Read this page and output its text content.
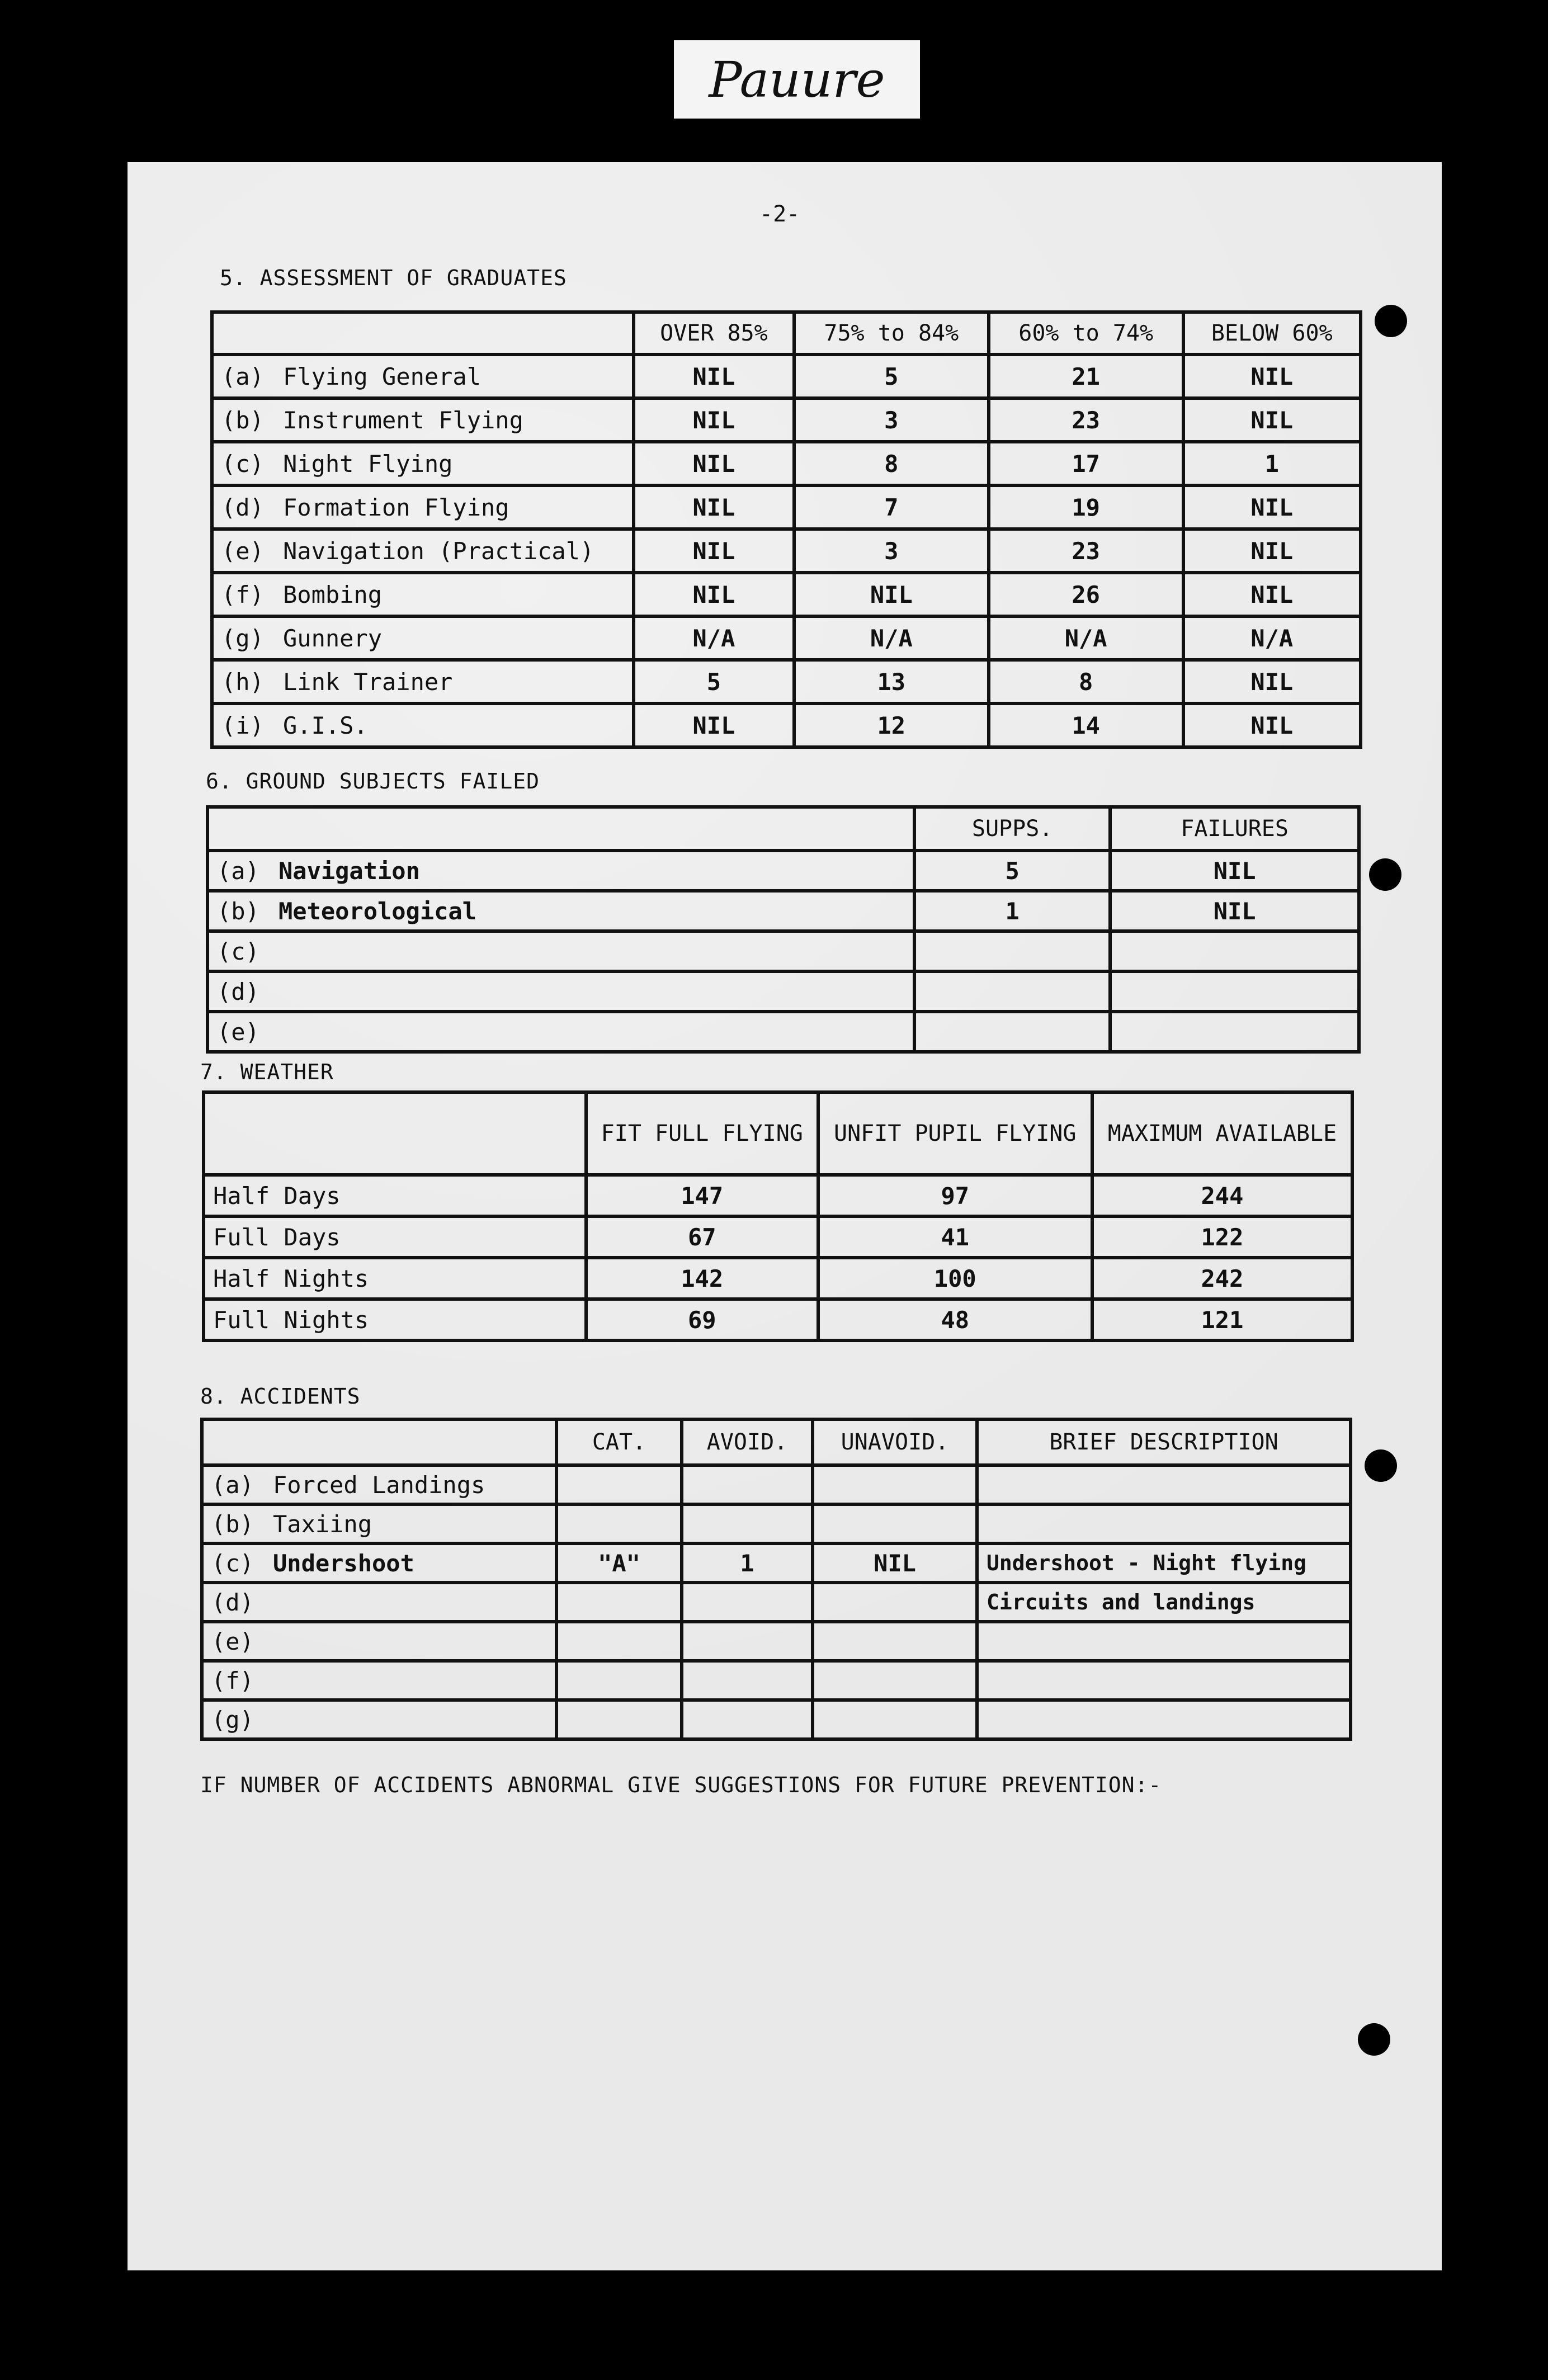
Pauure
-2-
5. ASSESSMENT OF GRADUATES
	OVER 85%	75% to 84%	60% to 74%	BELOW 60%
(a) Flying General	NIL	5	21	NIL
(b) Instrument Flying	NIL	3	23	NIL
(c) Night Flying	NIL	8	17	1
(d) Formation Flying	NIL	7	19	NIL
(e) Navigation (Practical)	NIL	3	23	NIL
(f) Bombing	NIL	NIL	26	NIL
(g) Gunnery	N/A	N/A	N/A	N/A
(h) Link Trainer	5	13	8	NIL
(i) G.I.S.	NIL	12	14	NIL
6. GROUND SUBJECTS FAILED
	SUPPS.	FAILURES
(a) Navigation	5	NIL
(b) Meteorological	1	NIL
(c)		
(d)		
(e)		
7. WEATHER
	FIT FULL FLYING	UNFIT PUPIL FLYING	MAXIMUM AVAILABLE
Half Days	147	97	244
Full Days	67	41	122
Half Nights	142	100	242
Full Nights	69	48	121
8. ACCIDENTS
	CAT.	AVOID.	UNAVOID.	BRIEF DESCRIPTION
(a) Forced Landings				
(b) Taxiing				
(c) Undershoot	"A"	1	NIL	Undershoot - Night flying
(d)				Circuits and landings
(e)				
(f)				
(g)				
IF NUMBER OF ACCIDENTS ABNORMAL GIVE SUGGESTIONS FOR FUTURE PREVENTION:-
